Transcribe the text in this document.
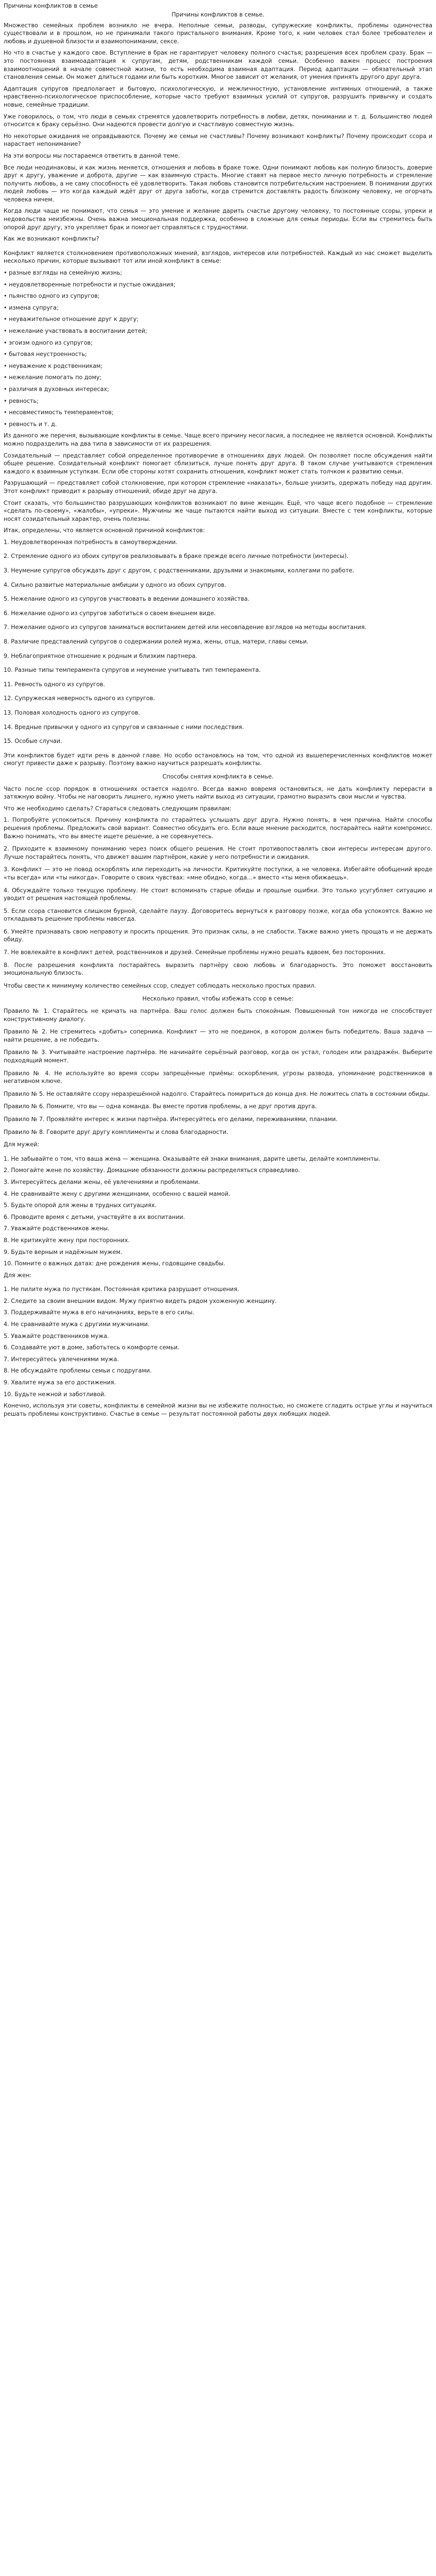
Причины конфликтов в семье
Причины конфликтов в семье.

Множество семейных проблем возникло не вчера. Неполные семьи, разводы, супружеские конфликты, проблемы одиночества существовали и в прошлом, но не принимали такого пристального внимания. Кроме того, к ним человек стал более требователен и любовь и душевной близости и взаимопонимании, сексе.

Но что в счастье у каждого свое. Вступление в брак не гарантирует человеку полного счастья; разрешения всех проблем сразу. Брак — это постоянная взаимоадаптация к супругам, детям, родственникам каждой семьи. Особенно важен процесс построения взаимоотношений в начале совместной жизни, то есть необходима взаимная адаптация. Период адаптации — обязательный этап становления семьи. Он может длиться годами или быть коротким. Многое зависит от желания, от умения принять другого друг друга.

Адаптация супругов предполагает и бытовую, психологическую, и межличностную, установление интимных отношений, а также нравственно-психологическое приспособление, которые часто требуют взаимных усилий от супругов, разрушить привычку и создать новые, семейные традиции.

Уже говорилось, о том, что люди в семьях стремятся удовлетворить потребность в любви, детях, понимании и т. д. Большинство людей относится к браку серьёзно. Они надеются провести долгую и счастливую совместную жизнь.

Но некоторые ожидания не оправдываются. Почему же семьи не счастливы? Почему возникают конфликты? Почему происходит ссора и нарастает непонимание?

На эти вопросы мы постараемся ответить в данной теме.

Все люди неодинаковы, и как жизнь меняется, отношения и любовь в браке тоже. Одни понимают любовь как полную близость, доверие друг к другу, уважение и доброта, другие — как взаимную страсть. Многие ставят на первое место личную потребность и стремление получить любовь, а не саму способность её удовлетворить. Такая любовь становится потребительским настроением. В понимании других людей любовь — это когда каждый ждёт друг от друга заботы, когда стремится доставлять радость близкому человеку, не огорчать человека ничем.

Когда люди чаще не понимают, что семья — это умение и желание дарить счастье другому человеку, то постоянные ссоры, упреки и недовольства неизбежны. Очень важна эмоциональная поддержка, особенно в сложные для семьи периоды. Если вы стремитесь быть опорой друг другу, это укрепляет брак и помогает справляться с трудностями.

Как же возникают конфликты?

Конфликт является столкновением противоположных мнений, взглядов, интересов или потребностей. Каждый из нас сможет выделить несколько причин, которые вызывают тот или иной конфликт в семье:

• разные взгляды на семейную жизнь;
• неудовлетворенные потребности и пустые ожидания;
• пьянство одного из супругов;
• измена супруга;
• неуважительное отношение друг к другу;
• нежелание участвовать в воспитании детей;
• эгоизм одного из супругов;
• бытовая неустроенность;
• неуважение к родственникам;
• нежелание помогать по дому;
• различия в духовных интересах;
• ревность;
• несовместимость темпераментов;
• ревность и т. д.

Из данного же перечня, вызывающие конфликты в семье. Чаще всего причину несогласия, а последнее не является основной. Конфликты можно подразделить на два типа в зависимости от их разрешения.

Созидательный — представляет собой определенное противоречие в отношениях двух людей. Он позволяет после обсуждения найти общее решение. Созидательный конфликт помогает сблизиться, лучше понять друг друга. В таком случае учитываются стремления каждого к взаимным уступкам. Если обе стороны хотят сохранить отношения, конфликт может стать толчком к развитию семьи.

Разрушающий — представляет собой столкновение, при котором стремление «наказать», больше унизить, одержать победу над другим. Этот конфликт приводит к разрыву отношений, обиде друг на друга.

Стоит сказать, что большинство разрушающих конфликтов возникают по вине женщин. Ещё, что чаще всего подобное — стремление «сделать по-своему», «жалобы», «упреки». Мужчины же чаще пытаются найти выход из ситуации. Вместе с тем конфликты, которые носят созидательный характер, очень полезны.

Итак, определены, что является основной причиной конфликтов:

1. Неудовлетворенная потребность в самоутверждении.
2. Стремление одного из обоих супругов реализовывать в браке прежде всего личные потребности (интересы).
3. Неумение супругов обсуждать друг с другом, с родственниками, друзьями и знакомыми, коллегами по работе.
4. Сильно развитые материальные амбиции у одного из обоих супругов.
5. Нежелание одного из супругов участвовать в ведении домашнего хозяйства.
6. Нежелание одного из супругов заботиться о своем внешнем виде.
7. Нежелание одного из супругов заниматься воспитанием детей или несовпадение взглядов на методы воспитания.
8. Различие представлений супругов о содержании ролей мужа, жены, отца, матери, главы семьи.
9. Неблагоприятное отношение к родным и близким партнера.
10. Разные типы темперамента супругов и неумение учитывать тип темперамента.
11. Ревность одного из супругов.
12. Супружеская неверность одного из супругов.
13. Половая холодность одного из супругов.
14. Вредные привычки у одного из супругов и связанные с ними последствия.
15. Особые случаи.

Эти конфликтов будет идти речь в данной главе. Но особо остановлюсь на том, что одной из вышеперечисленных конфликтов может смогут привести даже к разрыву. Поэтому важно научиться разрешать конфликты.

Способы снятия конфликта в семье.

Часто после ссор порядок в отношениях остается надолго. Всегда важно вовремя остановиться, не дать конфликту перерасти в затяжную войну. Чтобы не наговорить лишнего, нужно уметь найти выход из ситуации, грамотно выразить свои мысли и чувства.

Что же необходимо сделать? Стараться следовать следующим правилам:

1. Попробуйте успокоиться. Причину конфликта по старайтесь услышать друг друга. Нужно понять, в чем причина. Найти способы решения проблемы. Предложить свой вариант. Совместно обсудить его. Если ваше мнение расходится, постарайтесь найти компромисс. Важно понимать, что вы вместе ищете решение, а не соревнуетесь.
2. Приходите к взаимному пониманию через поиск общего решения. Не стоит противопоставлять свои интересы интересам другого. Лучше постарайтесь понять, что движет вашим партнёром, какие у него потребности и ожидания.
3. Конфликт — это не повод оскорблять или переходить на личности. Критикуйте поступки, а не человека. Избегайте обобщений вроде «ты всегда» или «ты никогда». Говорите о своих чувствах: «мне обидно, когда…» вместо «ты меня обижаешь».
4. Обсуждайте только текущую проблему. Не стоит вспоминать старые обиды и прошлые ошибки. Это только усугубляет ситуацию и уводит от решения настоящей проблемы.
5. Если ссора становится слишком бурной, сделайте паузу. Договоритесь вернуться к разговору позже, когда оба успокоятся. Важно не откладывать решение проблемы навсегда.
6. Умейте признавать свою неправоту и просить прощения. Это признак силы, а не слабости. Также важно уметь прощать и не держать обиду.
7. Не вовлекайте в конфликт детей, родственников и друзей. Семейные проблемы нужно решать вдвоем, без посторонних.
8. После разрешения конфликта постарайтесь выразить партнёру свою любовь и благодарность. Это поможет восстановить эмоциональную близость.

Чтобы свести к минимуму количество семейных ссор, следует соблюдать несколько простых правил.

Несколько правил, чтобы избежать ссор в семье:
Правило № 1. Старайтесь не кричать на партнёра. Ваш голос должен быть спокойным. Повышенный тон никогда не способствует конструктивному диалогу.
Правило № 2. Не стремитесь «добить» соперника. Конфликт — это не поединок, в котором должен быть победитель. Ваша задача — найти решение, а не победить.
Правило № 3. Учитывайте настроение партнёра. Не начинайте серьёзный разговор, когда он устал, голоден или раздражён. Выберите подходящий момент.
Правило № 4. Не используйте во время ссоры запрещённые приёмы: оскорбления, угрозы развода, упоминание родственников в негативном ключе.
Правило № 5. Не оставляйте ссору неразрешённой надолго. Старайтесь помириться до конца дня. Не ложитесь спать в состоянии обиды.
Правило № 6. Помните, что вы — одна команда. Вы вместе против проблемы, а не друг против друга.
Правило № 7. Проявляйте интерес к жизни партнёра. Интересуйтесь его делами, переживаниями, планами.
Правило № 8. Говорите друг другу комплименты и слова благодарности.

Для мужей:

1. Не забывайте о том, что ваша жена — женщина. Оказывайте ей знаки внимания, дарите цветы, делайте комплименты.
2. Помогайте жене по хозяйству. Домашние обязанности должны распределяться справедливо.
3. Интересуйтесь делами жены, её увлечениями и проблемами.
4. Не сравнивайте жену с другими женщинами, особенно с вашей мамой.
5. Будьте опорой для жены в трудных ситуациях.
6. Проводите время с детьми, участвуйте в их воспитании.
7. Уважайте родственников жены.
8. Не критикуйте жену при посторонних.
9. Будьте верным и надёжным мужем.
10. Помните о важных датах: дне рождения жены, годовщине свадьбы.

Для жен:

1. Не пилите мужа по пустякам. Постоянная критика разрушает отношения.
2. Следите за своим внешним видом. Мужу приятно видеть рядом ухоженную женщину.
3. Поддерживайте мужа в его начинаниях, верьте в его силы.
4. Не сравнивайте мужа с другими мужчинами.
5. Уважайте родственников мужа.
6. Создавайте уют в доме, заботьтесь о комфорте семьи.
7. Интересуйтесь увлечениями мужа.
8. Не обсуждайте проблемы семьи с подругами.
9. Хвалите мужа за его достижения.
10. Будьте нежной и заботливой.

Конечно, используя эти советы, конфликты в семейной жизни вы не избежите полностью, но сможете сгладить острые углы и научиться решать проблемы конструктивно. Счастье в семье — результат постоянной работы двух любящих людей.
